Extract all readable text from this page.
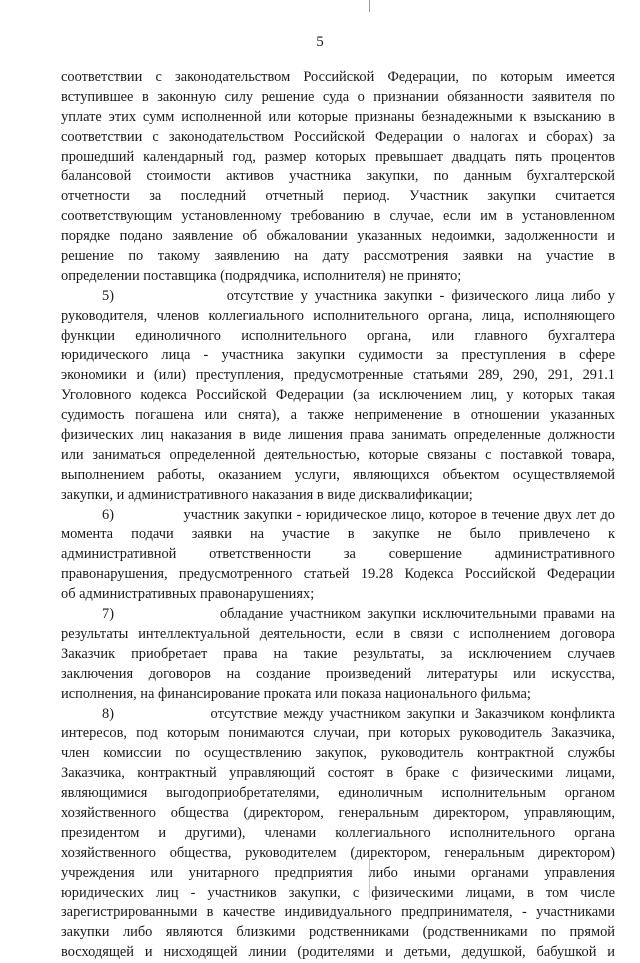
5
соответствии с законодательством Российской Федерации, по которым имеется
вступившее в законную силу решение суда о признании обязанности заявителя по
уплате этих сумм исполненной или которые признаны безнадежными к взысканию в
соответствии с законодательством Российской Федерации о налогах и сборах) за
прошедший календарный год, размер которых превышает двадцать пять процентов
балансовой стоимости активов участника закупки, по данным бухгалтерской
отчетности за последний отчетный период. Участник закупки считается
соответствующим установленному требованию в случае, если им в установленном
порядке подано заявление об обжаловании указанных недоимки, задолженности и
решение по такому заявлению на дату рассмотрения заявки на участие в
определении поставщика (подрядчика, исполнителя) не принято;
5)                отсутствие у участника закупки - физического лица либо у
руководителя, членов коллегиального исполнительного органа, лица, исполняющего
функции единоличного исполнительного органа, или главного бухгалтера
юридического лица - участника закупки судимости за преступления в сфере
экономики и (или) преступления, предусмотренные статьями 289, 290, 291, 291.1
Уголовного кодекса Российской Федерации (за исключением лиц, у которых такая
судимость погашена или снята), а также неприменение в отношении указанных
физических лиц наказания в виде лишения права занимать определенные должности
или заниматься определенной деятельностью, которые связаны с поставкой товара,
выполнением работы, оказанием услуги, являющихся объектом осуществляемой
закупки, и административного наказания в виде дисквалификации;
6)                участник закупки - юридическое лицо, которое в течение двух лет до
момента подачи заявки на участие в закупке не было привлечено к
административной ответственности за совершение административного
правонарушения, предусмотренного статьей 19.28 Кодекса Российской Федерации
об административных правонарушениях;
7)                обладание участником закупки исключительными правами на
результаты интеллектуальной деятельности, если в связи с исполнением договора
Заказчик приобретает права на такие результаты, за исключением случаев
заключения договоров на создание произведений литературы или искусства,
исполнения, на финансирование проката или показа национального фильма;
8)                отсутствие между участником закупки и Заказчиком конфликта
интересов, под которым понимаются случаи, при которых руководитель Заказчика,
член комиссии по осуществлению закупок, руководитель контрактной службы
Заказчика, контрактный управляющий состоят в браке с физическими лицами,
являющимися выгодоприобретателями, единоличным исполнительным органом
хозяйственного общества (директором, генеральным директором, управляющим,
президентом и другими), членами коллегиального исполнительного органа
хозяйственного общества, руководителем (директором, генеральным директором)
учреждения или унитарного предприятия либо иными органами управления
юридических лиц - участников закупки, с физическими лицами, в том числе
зарегистрированными в качестве индивидуального предпринимателя, - участниками
закупки либо являются близкими родственниками (родственниками по прямой
восходящей и нисходящей линии (родителями и детьми, дедушкой, бабушкой и
